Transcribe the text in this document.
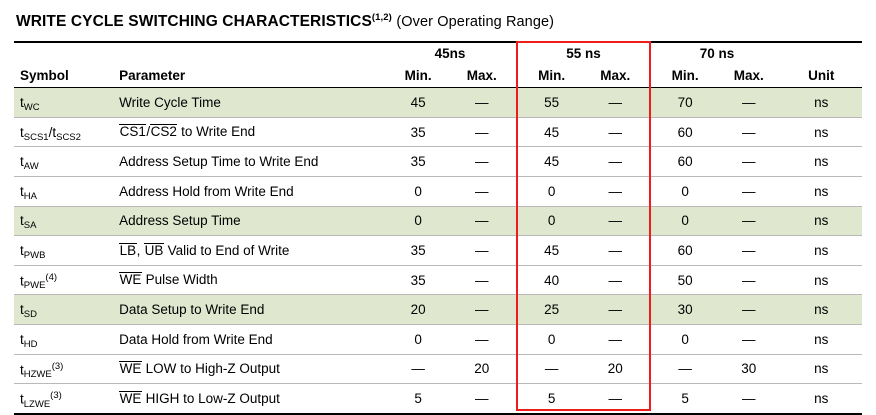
WRITE CYCLE SWITCHING CHARACTERISTICS$^{(1,2)}$ (Over Operating Range)

		45ns			55 ns			70 ns		
Symbol	Parameter	Min.	Max.		Min.	Max.		Min.	Max.	Unit

$t_{WC}$	Write Cycle Time	45	—		55	—		70	—	ns
$t_{SCS1}/t_{SCS2}$	CS1/CS2 to Write End	35	—		45	—		60	—	ns
$t_{AW}$	Address Setup Time to Write End	35	—		45	—		60	—	ns
$t_{HA}$	Address Hold from Write End	0	—		0	—		0	—	ns
$t_{SA}$	Address Setup Time	0	—		0	—		0	—	ns
$t_{PWB}$	LB, UB Valid to End of Write	35	—		45	—		60	—	ns
$t_{PWE}^{(4)}$	WE Pulse Width	35	—		40	—		50	—	ns
$t_{SD}$	Data Setup to Write End	20	—		25	—		30	—	ns
$t_{HD}$	Data Hold from Write End	0	—		0	—		0	—	ns
$t_{HZWE}^{(3)}$	WE LOW to High-Z Output	—	20		—	20		—	30	ns
$t_{LZWE}^{(3)}$	WE HIGH to Low-Z Output	5	—		5	—		5	—	ns
